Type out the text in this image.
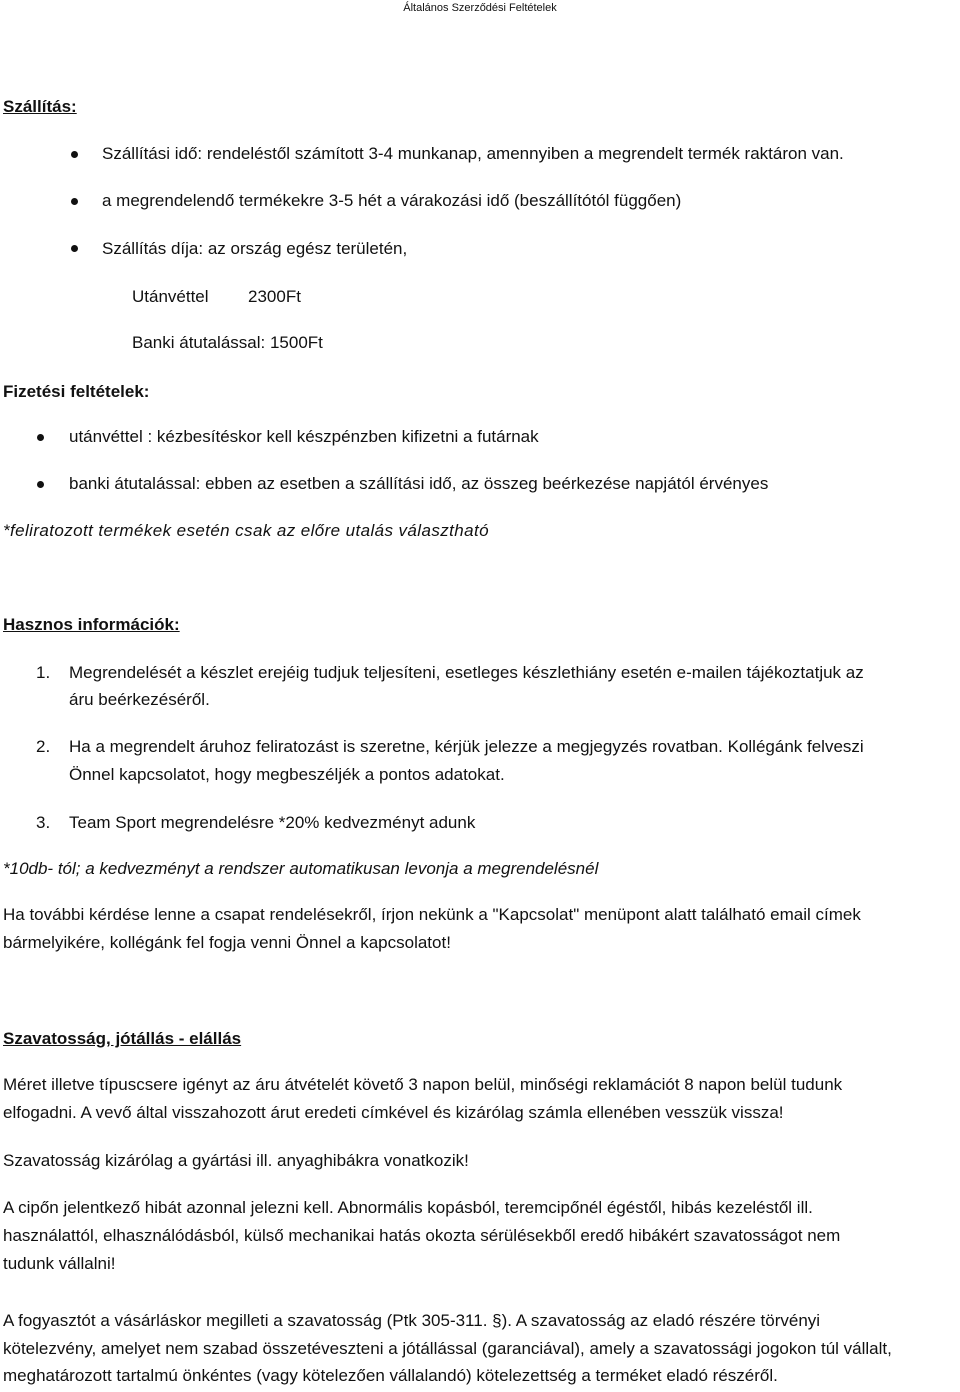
Általános Szerződési Feltételek
Szállítás:
Szállítási idő: rendeléstől számított 3-4 munkanap, amennyiben a megrendelt termék raktáron van.
a megrendelendő termékekre 3-5 hét a várakozási idő (beszállítótól függően)
Szállítás díja: az ország egész területén,
Utánvéttel 2300Ft
Banki átutalással: 1500Ft
Fizetési feltételek:
utánvéttel : kézbesítéskor kell készpénzben kifizetni a futárnak
banki átutalással: ebben az esetben a szállítási idő, az összeg beérkezése napjától érvényes
*feliratozott termékek esetén csak az előre utalás választható
Hasznos információk:
1. Megrendelését a készlet erejéig tudjuk teljesíteni, esetleges készlethiány esetén e-mailen tájékoztatjuk az
áru beérkezéséről.
2. Ha a megrendelt áruhoz feliratozást is szeretne, kérjük jelezze a megjegyzés rovatban. Kollégánk felveszi
Önnel kapcsolatot, hogy megbeszéljék a pontos adatokat.
3. Team Sport megrendelésre *20% kedvezményt adunk
*10db- tól; a kedvezményt a rendszer automatikusan levonja a megrendelésnél
Ha további kérdése lenne a csapat rendelésekről, írjon nekünk a "Kapcsolat" menüpont alatt található email címek
bármelyikére, kollégánk fel fogja venni Önnel a kapcsolatot!
Szavatosság, jótállás - elállás
Méret illetve típuscsere igényt az áru átvételét követő 3 napon belül, minőségi reklamációt 8 napon belül tudunk
elfogadni. A vevő által visszahozott árut eredeti címkével és kizárólag számla ellenében vesszük vissza!
Szavatosság kizárólag a gyártási ill. anyaghibákra vonatkozik!
A cipőn jelentkező hibát azonnal jelezni kell. Abnormális kopásból, teremcipőnél égéstől, hibás kezeléstől ill.
használattól, elhasználódásból, külső mechanikai hatás okozta sérülésekből eredő hibákért szavatosságot nem
tudunk vállalni!
A fogyasztót a vásárláskor megilleti a szavatosság (Ptk 305-311. §). A szavatosság az eladó részére törvényi
kötelezvény, amelyet nem szabad összetéveszteni a jótállással (garanciával), amely a szavatossági jogokon túl vállalt,
meghatározott tartalmú önkéntes (vagy kötelezően vállalandó) kötelezettség a terméket eladó részéről.
